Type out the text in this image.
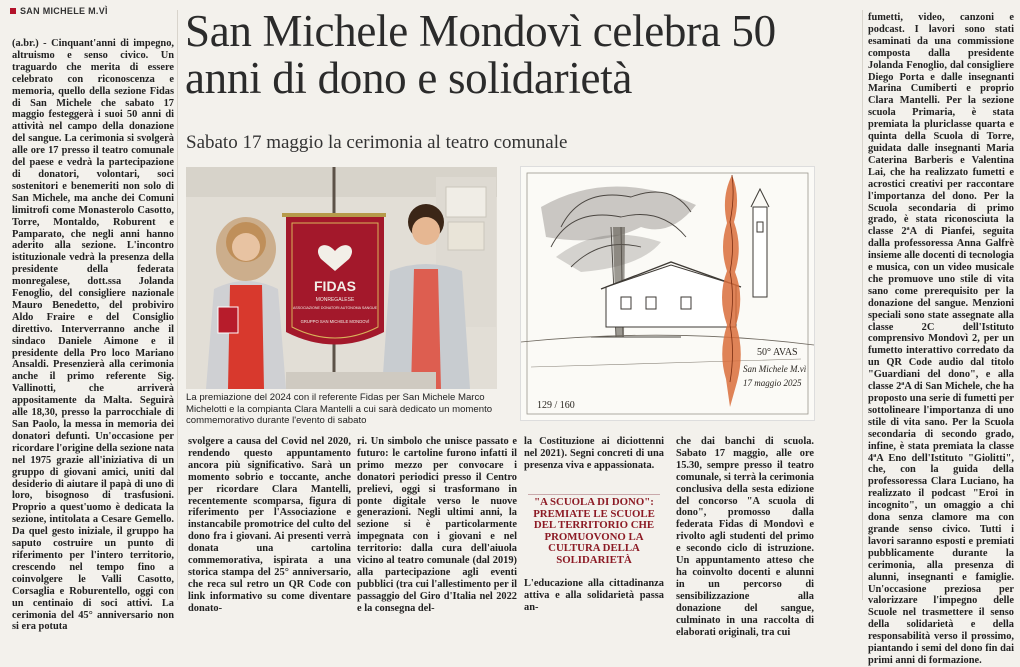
SAN MICHELE M.VÌ

(a.br.) - Cinquant'anni di impegno, altruismo e senso civico. Un traguardo che merita di essere celebrato con riconoscenza e memoria, quello della sezione Fidas di San Michele che sabato 17 maggio festeggerà i suoi 50 anni di attività nel campo della donazione del sangue. La cerimonia si svolgerà alle ore 17 presso il teatro comunale del paese e vedrà la partecipazione di donatori, volontari, soci sostenitori e benemeriti non solo di San Michele, ma anche dei Comuni limitrofi come Monasterolo Casotto, Torre, Montaldo, Roburent e Pamparato, che negli anni hanno aderito alla sezione. L'incontro istituzionale vedrà la presenza della presidente della federata monregalese, dott.ssa Jolanda Fenoglio, del consigliere nazionale Mauro Benedetto, del probiviro Aldo Fraire e del Consiglio direttivo. Interverranno anche il sindaco Daniele Aimone e il presidente della Pro loco Mariano Ansaldi. Presenzierà alla cerimonia anche il primo referente Sig. Vallinotti, che arriverà appositamente da Malta. Seguirà alle 18,30, presso la parrocchiale di San Paolo, la messa in memoria dei donatori defunti. Un'occasione per ricordare l'origine della sezione nata nel 1975 grazie all'iniziativa di un gruppo di giovani amici, uniti dal desiderio di aiutare il papà di uno di loro, bisognoso di trasfusioni. Proprio a quest'uomo è dedicata la sezione, intitolata a Cesare Gemello. Da quel gesto iniziale, il gruppo ha saputo costruire un punto di riferimento per l'intero territorio, crescendo nel tempo fino a coinvolgere le Valli Casotto, Corsaglia e Roburentello, oggi con un centinaio di soci attivi. La cerimonia del 45° anniversario non si era potuta

San Michele Mondovì celebra 50 anni di dono e solidarietà
Sabato 17 maggio la cerimonia al teatro comunale
FIDAS
MONREGALESE
ASSOCIAZIONE DONATORI AUTONOMA SANGUE
GRUPPO SAN MICHELE MONDOVÌ
La premiazione del 2024 con il referente Fidas per San Michele Marco Michelotti e la compianta Clara Mantelli a cui sarà dedicato un momento commemorativo durante l'evento di sabato
50° AVAS
San Michele M.vì
17 maggio 2025
129 / 160

svolgere a causa del Covid nel 2020, rendendo questo appuntamento ancora più significativo. Sarà un momento sobrio e toccante, anche per ricordare Clara Mantelli, recentemente scomparsa, figura di riferimento per l'Associazione e instancabile promotrice del culto del dono fra i giovani. Ai presenti verrà donata una cartolina commemorativa, ispirata a una storica stampa del 25° anniversario, che reca sul retro un QR Code con link informativo su come diventare donato-

ri. Un simbolo che unisce passato e futuro: le cartoline furono infatti il primo mezzo per convocare i donatori periodici presso il Centro prelievi, oggi si trasformano in ponte digitale verso le nuove generazioni. Negli ultimi anni, la sezione si è particolarmente impegnata con i giovani e nel territorio: dalla cura dell'aiuola vicino al teatro comunale (dal 2019) alla partecipazione agli eventi pubblici (tra cui l'allestimento per il passaggio del Giro d'Italia nel 2022 e la consegna del-

la Costituzione ai diciottenni nel 2021). Segni concreti di una presenza viva e appassionata.

"A SCUOLA DI DONO": PREMIATE LE SCUOLE DEL TERRITORIO CHE PROMUOVONO LA CULTURA DELLA SOLIDARIETÀ

L'educazione alla cittadinanza attiva e alla solidarietà passa an-

che dai banchi di scuola. Sabato 17 maggio, alle ore 15.30, sempre presso il teatro comunale, si terrà la cerimonia conclusiva della sesta edizione del concorso "A scuola di dono", promosso dalla federata Fidas di Mondovì e rivolto agli studenti del primo e secondo ciclo di istruzione. Un appuntamento atteso che ha coinvolto docenti e alunni in un percorso di sensibilizzazione alla donazione del sangue, culminato in una raccolta di elaborati originali, tra cui

fumetti, video, canzoni e podcast. I lavori sono stati esaminati da una commissione composta dalla presidente Jolanda Fenoglio, dal consigliere Diego Porta e dalle insegnanti Marina Cumiberti e proprio Clara Mantelli. Per la sezione scuola Primaria, è stata premiata la pluriclasse quarta e quinta della Scuola di Torre, guidata dalle insegnanti Maria Caterina Barberis e Valentina Lai, che ha realizzato fumetti e acrostici creativi per raccontare l'importanza del dono. Per la Scuola secondaria di primo grado, è stata riconosciuta la classe 2ªA di Pianfei, seguita dalla professoressa Anna Galfrè insieme alle docenti di tecnologia e musica, con un video musicale che promuove uno stile di vita sano come prerequisito per la donazione del sangue. Menzioni speciali sono state assegnate alla classe 2C dell'Istituto comprensivo Mondovì 2, per un fumetto interattivo corredato da un QR Code audio dal titolo "Guardiani del dono", e alla classe 2ªA di San Michele, che ha proposto una serie di fumetti per sottolineare l'importanza di uno stile di vita sano. Per la Scuola secondaria di secondo grado, infine, è stata premiata la classe 4ªA Eno dell'Istituto "Giolitti", che, con la guida della professoressa Clara Luciano, ha realizzato il podcast "Eroi in incognito", un omaggio a chi dona senza clamore ma con grande senso civico. Tutti i lavori saranno esposti e premiati pubblicamente durante la cerimonia, alla presenza di alunni, insegnanti e famiglie. Un'occasione preziosa per valorizzare l'impegno delle Scuole nel trasmettere il senso della solidarietà e della responsabilità verso il prossimo, piantando i semi del dono fin dai primi anni di formazione.
